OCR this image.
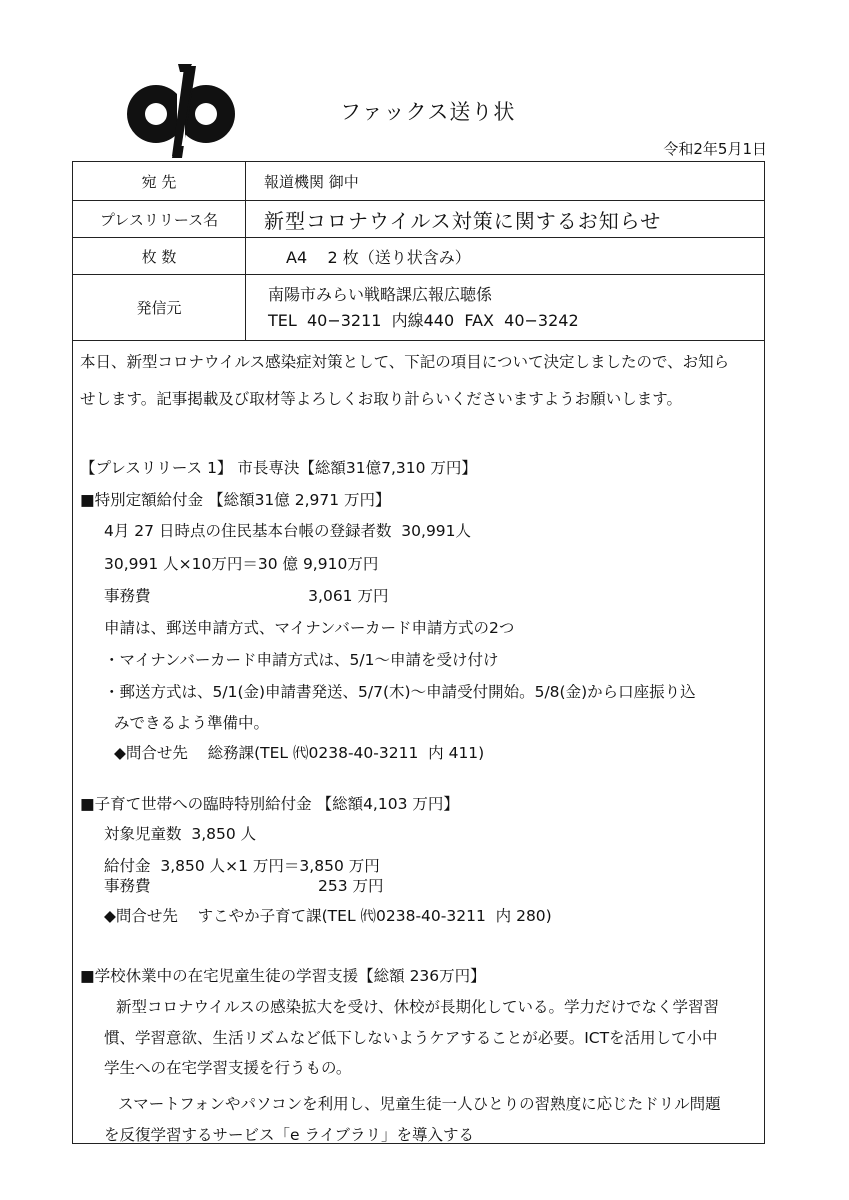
ファックス送り状
令和2年5月1日
宛 先	報道機関 御中
プレスリリース名	新型コロナウイルス対策に関するお知らせ
枚 数	A4    2 枚（送り状含み）
発信元	南陽市みらい戦略課広報広聴係
TEL  40−3211  内線440  FAX  40−3242
本日、新型コロナウイルス感染症対策として、下記の項目について決定しましたので、お知ら
せします。記事掲載及び取材等よろしくお取り計らいくださいますようお願いします。
【プレスリリース 1】 市長専決【総額31億7,310 万円】
■特別定額給付金 【総額31億 2,971 万円】
4月 27 日時点の住民基本台帳の登録者数  30,991人
30,991 人×10万円＝30 億 9,910万円
事務費                                3,061 万円
申請は、郵送申請方式、マイナンバーカード申請方式の2つ
・マイナンバーカード申請方式は、5/1～申請を受け付け
・郵送方式は、5/1(金)申請書発送、5/7(木)～申請受付開始。5/8(金)から口座振り込
みできるよう準備中。
◆問合せ先    総務課(TEL ㈹0238-40-3211  内 411)
■子育て世帯への臨時特別給付金 【総額4,103 万円】
対象児童数  3,850 人
給付金  3,850 人×1 万円＝3,850 万円
事務費                                  253 万円
◆問合せ先    すこやか子育て課(TEL ㈹0238-40-3211  内 280)
■学校休業中の在宅児童生徒の学習支援【総額 236万円】
新型コロナウイルスの感染拡大を受け、休校が長期化している。学力だけでなく学習習
慣、学習意欲、生活リズムなど低下しないようケアすることが必要。ICTを活用して小中
学生への在宅学習支援を行うもの。
スマートフォンやパソコンを利用し、児童生徒一人ひとりの習熟度に応じたドリル問題
を反復学習するサービス「e ライブラリ」を導入する
